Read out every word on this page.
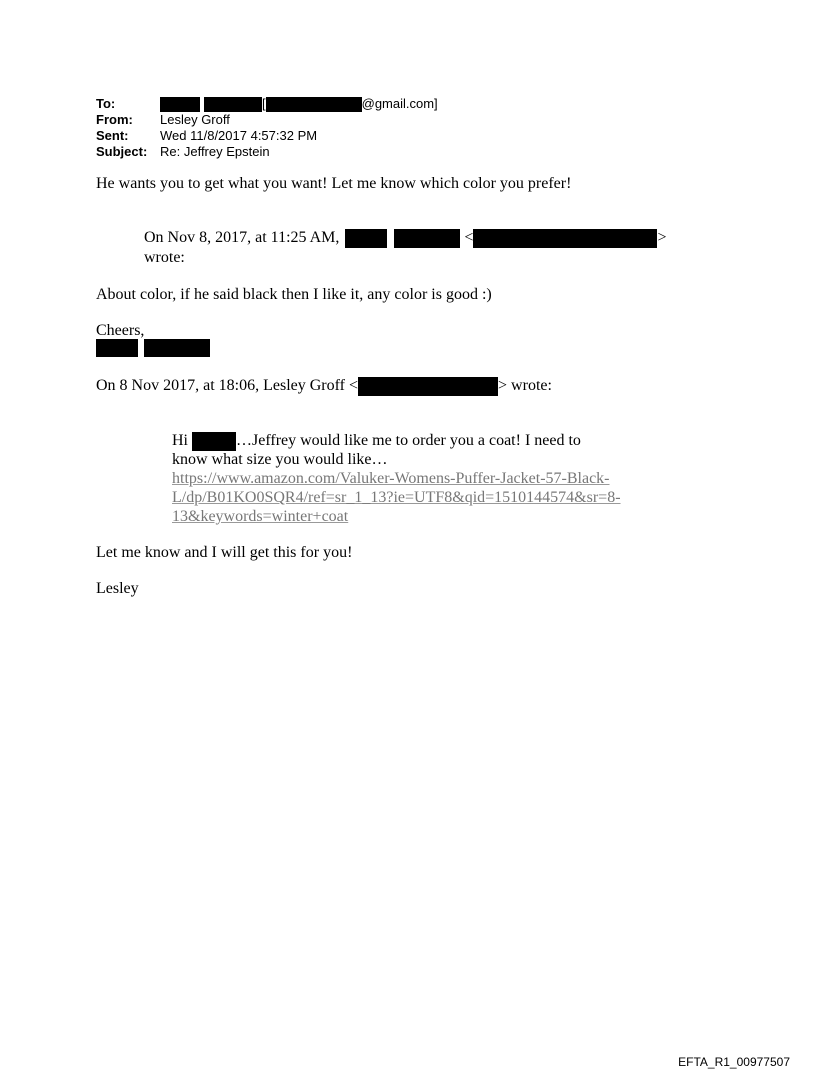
To:	[	@gmail.com]
From:	Lesley Groff
Sent:	Wed 11/8/2017 4:57:32 PM
Subject: Re: Jeffrey Epstein
He wants you to get what you want! Let me know which color you prefer!
On Nov 8, 2017, at 11:25 AM,	<	>
wrote:
About color, if he said black then I like it, any color is good :)
Cheers,

On 8 Nov 2017, at 18:06, Lesley Groff <	> wrote:
Hi	…Jeffrey would like me to order you a coat! I need to
know what size you would like…
https://www.amazon.com/Valuker-Womens-Puffer-Jacket-57-Black-
L/dp/B01KO0SQR4/ref=sr_1_13?ie=UTF8&qid=1510144574&sr=8-
13&keywords=winter+coat
Let me know and I will get this for you!
Lesley
EFTA_R1_00977507
